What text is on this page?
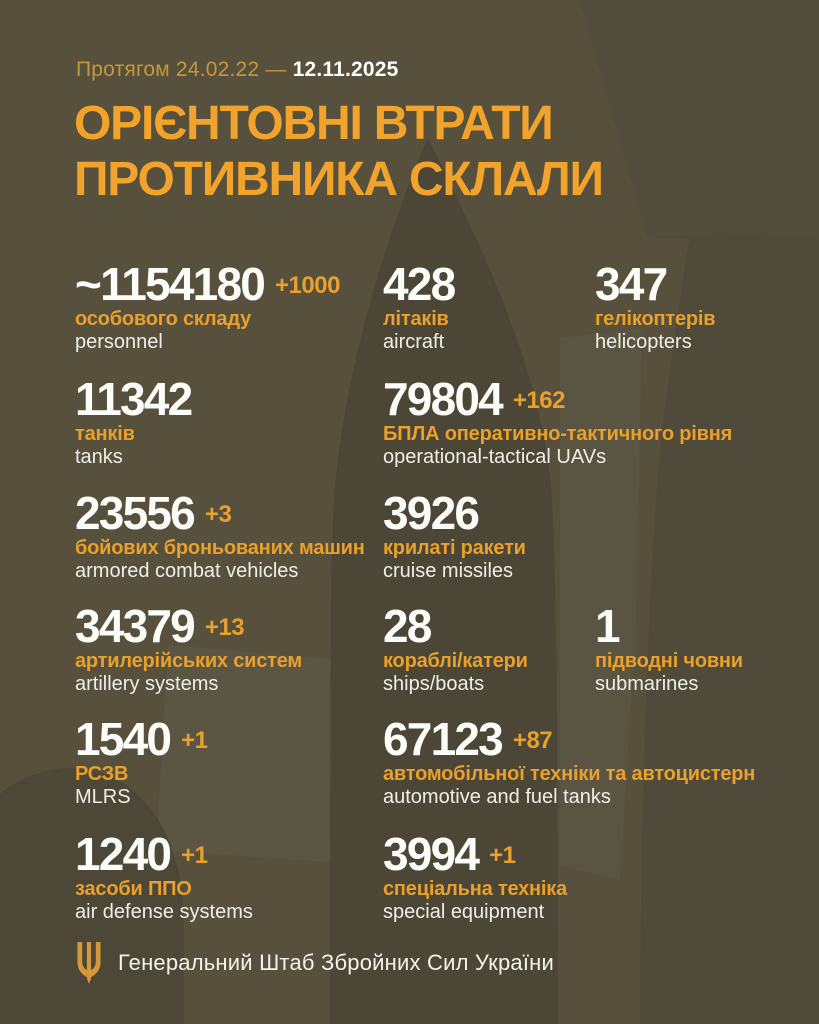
Протягом 24.02.22 — 12.11.2025
ОРІЄНТОВНІ ВТРАТИ
ПРОТИВНИКА СКЛАЛИ
~1154180 +1000
особового складу
personnel
428
літаків
aircraft
347
гелікоптерів
helicopters
11342
танків
tanks
79804 +162
БПЛА оперативно-тактичного рівня
operational-tactical UAVs
23556 +3
бойових броньованих машин
armored combat vehicles
3926
крилаті ракети
cruise missiles
34379 +13
артилерійських систем
artillery systems
28
кораблі/катери
ships/boats
1
підводні човни
submarines
1540 +1
РСЗВ
MLRS
67123 +87
автомобільної техніки та автоцистерн
automotive and fuel tanks
1240 +1
засоби ППО
air defense systems
3994 +1
спеціальна техніка
special equipment
Генеральний Штаб Збройних Сил України
